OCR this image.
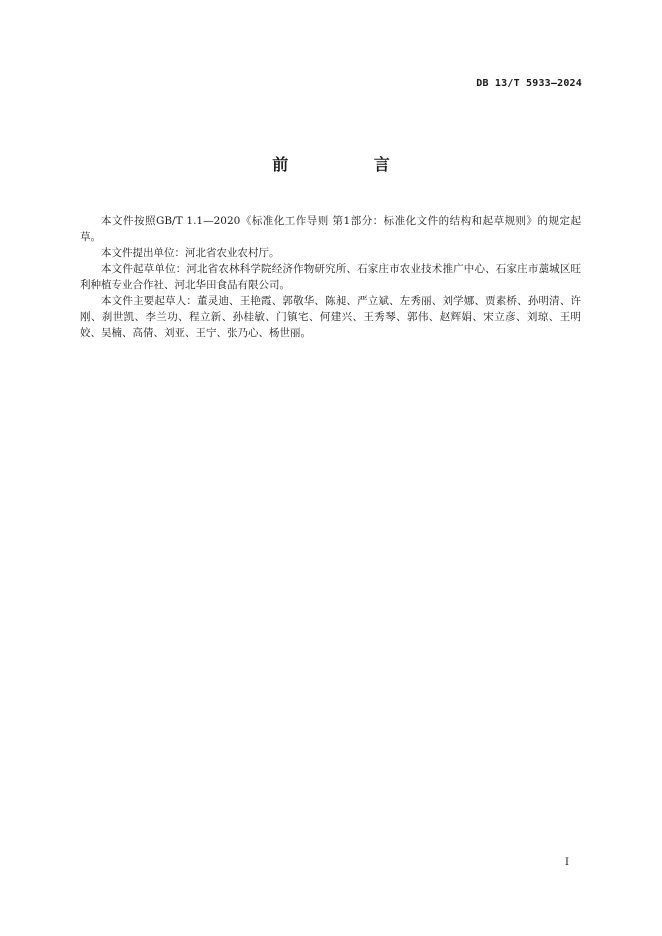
DB 13/T 5933—2024
前 言

本文件按照GB/T 1.1—2020《标准化工作导则 第1部分：标准化文件的结构和起草规则》的规定起草。

本文件提出单位：河北省农业农村厅。

本文件起草单位：河北省农林科学院经济作物研究所、石家庄市农业技术推广中心、石家庄市藁城区旺利种植专业合作社、河北华田食品有限公司。

本文件主要起草人：董灵迪、王艳霞、郭敬华、陈昶、严立斌、左秀丽、刘学娜、贾素桥、孙明清、许刚、刹世凯、李兰功、程立新、孙桂敏、门镇宅、何建兴、王秀琴、郭伟、赵辉娟、宋立彦、刘琼、王明姣、吴楠、高倩、刘亚、王宁、张乃心、杨世丽。

I
